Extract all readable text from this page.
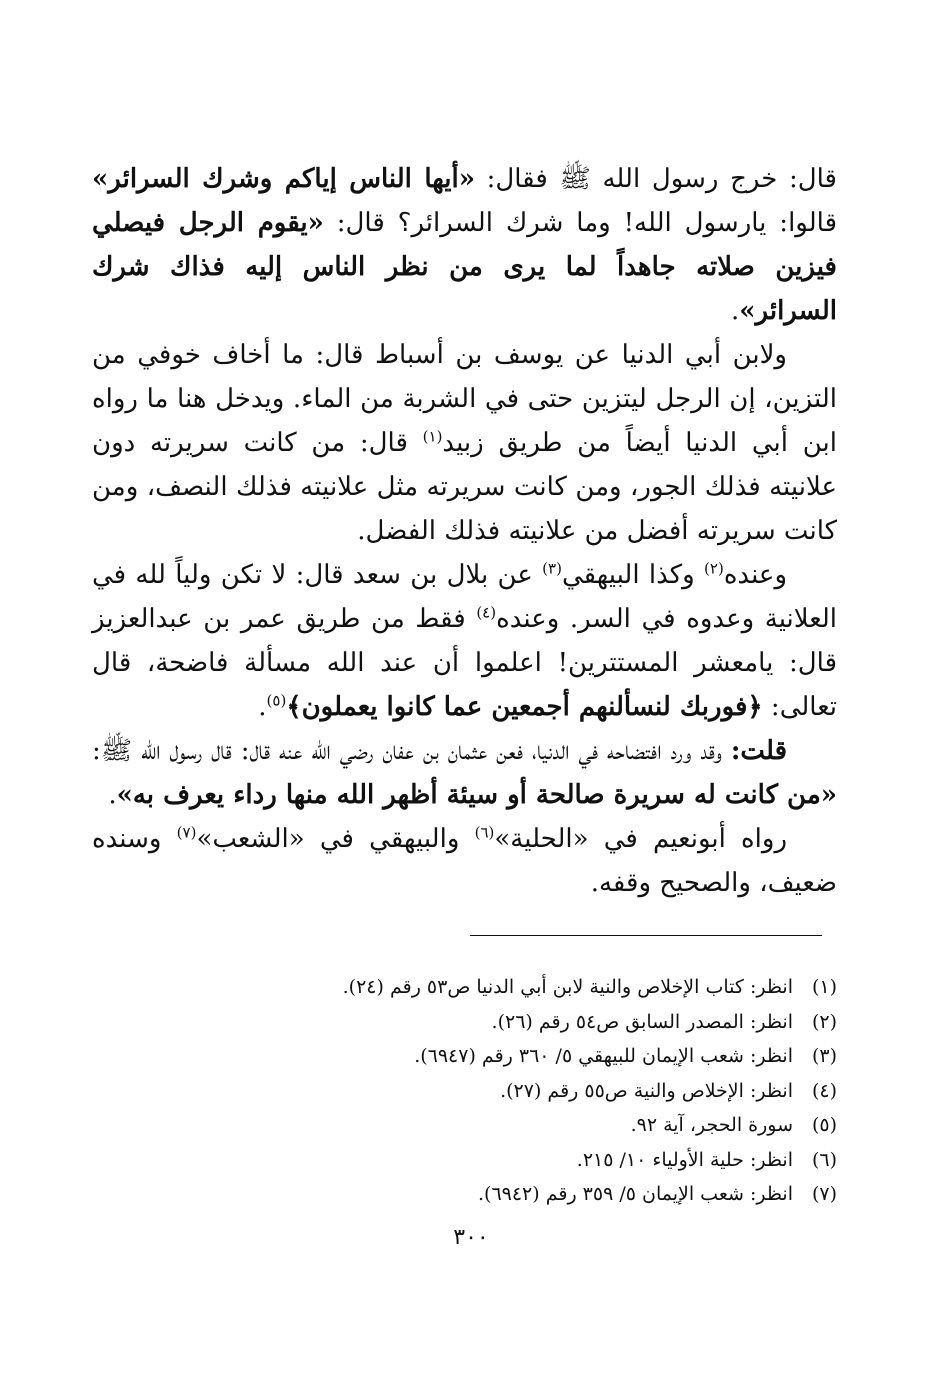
قال: خرج رسول الله ﷺ فقال: «أيها الناس إياكم وشرك السرائر» قالوا: يارسول الله! وما شرك السرائر؟ قال: «يقوم الرجل فيصلي فيزين صلاته جاهداً لما يرى من نظر الناس إليه فذاك شرك السرائر».

ولابن أبي الدنيا عن يوسف بن أسباط قال: ما أخاف خوفي من التزين، إن الرجل ليتزين حتى في الشربة من الماء. ويدخل هنا ما رواه ابن أبي الدنيا أيضاً من طريق زبيد$^{(١)}$ قال: من كانت سريرته دون علانيته فذلك الجور، ومن كانت سريرته مثل علانيته فذلك النصف، ومن كانت سريرته أفضل من علانيته فذلك الفضل.

وعنده$^{(٢)}$ وكذا البيهقي$^{(٣)}$ عن بلال بن سعد قال: لا تكن ولياً لله في العلانية وعدوه في السر. وعنده$^{(٤)}$ فقط من طريق عمر بن عبدالعزيز قال: يامعشر المستترين! اعلموا أن عند الله مسألة فاضحة، قال تعالى: ﴿فوربك لنسألنهم أجمعين عما كانوا يعملون﴾$^{(٥)}$.

قلت: وقد ورد افتضاحه في الدنيا، فعن عثمان بن عفان رضي الله عنه قال: قال رسول الله ﷺ: «من كانت له سريرة صالحة أو سيئة أظهر الله منها رداء يعرف به».

رواه أبونعيم في «الحلية»$^{(٦)}$ والبيهقي في «الشعب»$^{(٧)}$ وسنده ضعيف، والصحيح وقفه.

(١)
انظر: كتاب الإخلاص والنية لابن أبي الدنيا ص٥٣ رقم (٢٤).
(٢)
انظر: المصدر السابق ص٥٤ رقم (٢٦).
(٣)
انظر: شعب الإيمان للبيهقي ٥/ ٣٦٠ رقم (٦٩٤٧).
(٤)
انظر: الإخلاص والنية ص٥٥ رقم (٢٧).
(٥)
سورة الحجر، آية ٩٢.
(٦)
انظر: حلية الأولياء ١٠/ ٢١٥.
(٧)
انظر: شعب الإيمان ٥/ ٣٥٩ رقم (٦٩٤٢).
٣٠٠
